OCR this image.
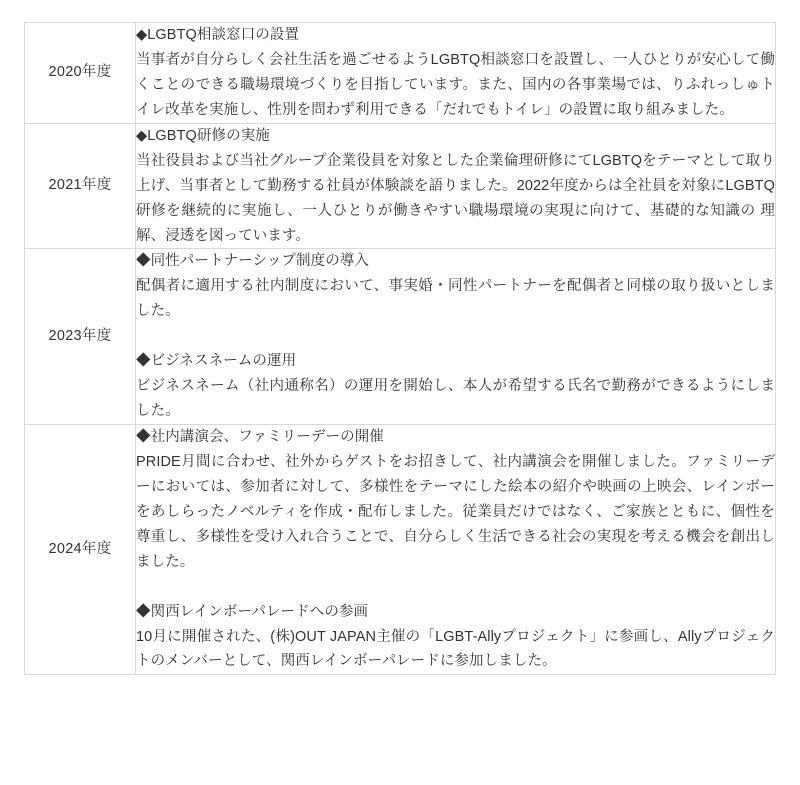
2020年度	◆LGBTQ相談窓口の設置

当事者が自分らしく会社生活を過ごせるようLGBTQ相談窓口を設置し、一人ひとりが安心して働くことのできる職場環境づくりを目指しています。また、国内の各事業場では、りふれっしゅトイレ改革を実施し、性別を問わず利用できる「だれでもトイレ」の設置に取り組みました。

2021年度	◆LGBTQ研修の実施

当社役員および当社グループ企業役員を対象とした企業倫理研修にてLGBTQをテーマとして取り上げ、当事者として勤務する社員が体験談を語りました。2022年度からは全社員を対象にLGBTQ研修を継続的に実施し、一人ひとりが働きやすい職場環境の実現に向けて、基礎的な知識の 理解、浸透を図っています。

2023年度	◆同性パートナーシップ制度の導入

配偶者に適用する社内制度において、事実婚・同性パートナーを配偶者と同様の取り扱いとしました。

◆ビジネスネームの運用

ビジネスネーム（社内通称名）の運用を開始し、本人が希望する氏名で勤務ができるようにしました。

2024年度	◆社内講演会、ファミリーデーの開催

PRIDE月間に合わせ、社外からゲストをお招きして、社内講演会を開催しました。ファミリーデーにおいては、参加者に対して、多様性をテーマにした絵本の紹介や映画の上映会、レインボーをあしらったノベルティを作成・配布しました。従業員だけではなく、ご家族とともに、個性を尊重し、多様性を受け入れ合うことで、自分らしく生活できる社会の実現を考える機会を創出しました。

◆関西レインボーパレードへの参画

10月に開催された、(株)OUT JAPAN主催の「LGBT-Allyプロジェクト」に参画し、Allyプロジェクトのメンバーとして、関西レインボーパレードに参加しました。
